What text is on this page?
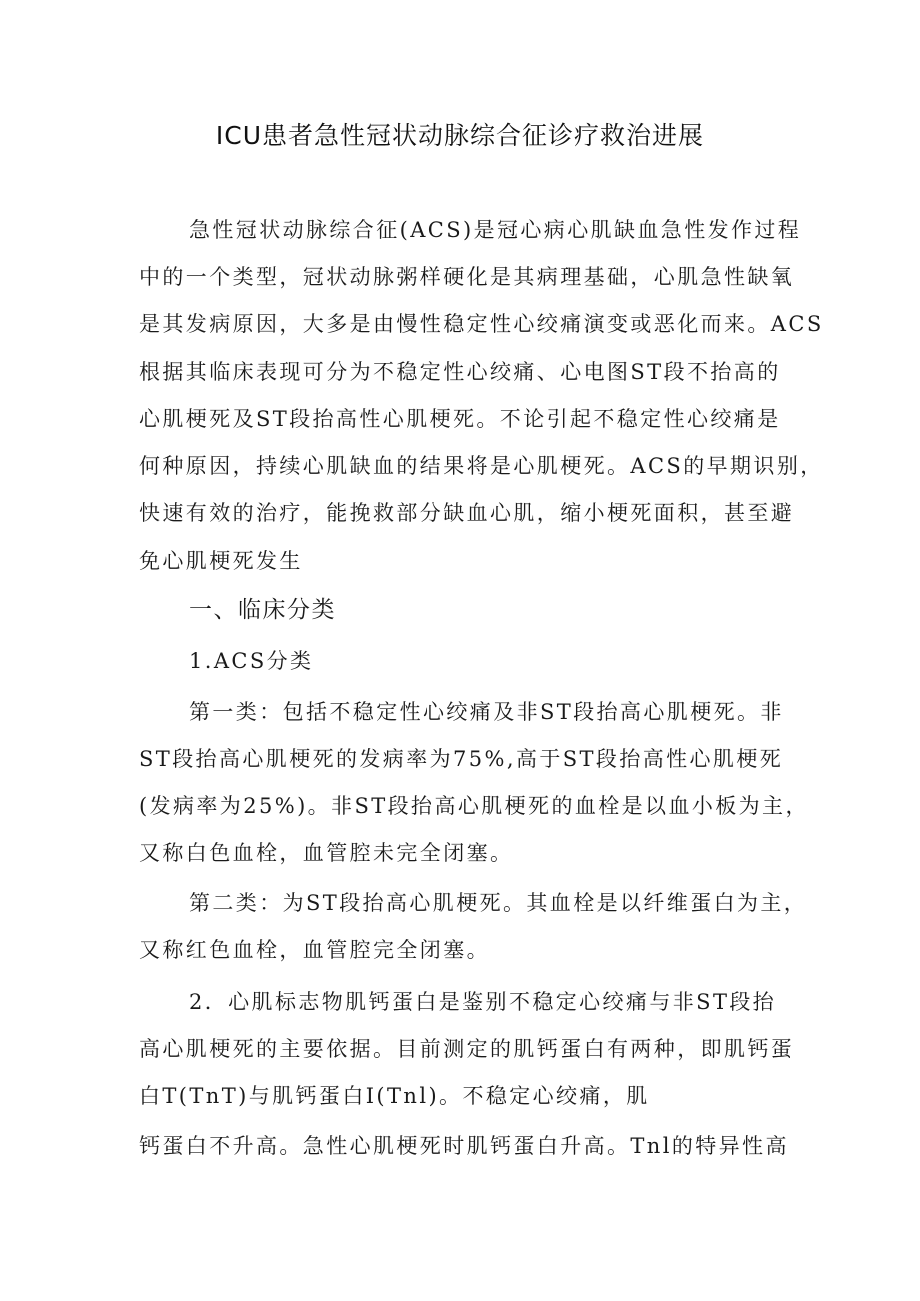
ICU患者急性冠状动脉综合征诊疗救治进展

急性冠状动脉综合征(ACS)是冠心病心肌缺血急性发作过程

中的一个类型，冠状动脉粥样硬化是其病理基础，心肌急性缺氧

是其发病原因，大多是由慢性稳定性心绞痛演变或恶化而来。ACS

根据其临床表现可分为不稳定性心绞痛、心电图ST段不抬高的

心肌梗死及ST段抬高性心肌梗死。不论引起不稳定性心绞痛是

何种原因，持续心肌缺血的结果将是心肌梗死。ACS的早期识别，

快速有效的治疗，能挽救部分缺血心肌，缩小梗死面积，甚至避

免心肌梗死发生

一、临床分类

1.ACS分类

第一类：包括不稳定性心绞痛及非ST段抬高心肌梗死。非

ST段抬高心肌梗死的发病率为75%,高于ST段抬高性心肌梗死

(发病率为25%)。非ST段抬高心肌梗死的血栓是以血小板为主，

又称白色血栓，血管腔未完全闭塞。

第二类：为ST段抬高心肌梗死。其血栓是以纤维蛋白为主，

又称红色血栓，血管腔完全闭塞。

2．心肌标志物肌钙蛋白是鉴别不稳定心绞痛与非ST段抬

高心肌梗死的主要依据。目前测定的肌钙蛋白有两种，即肌钙蛋

白T(TnT)与肌钙蛋白I(Tnl)。不稳定心绞痛，肌

钙蛋白不升高。急性心肌梗死时肌钙蛋白升高。Tnl的特异性高
